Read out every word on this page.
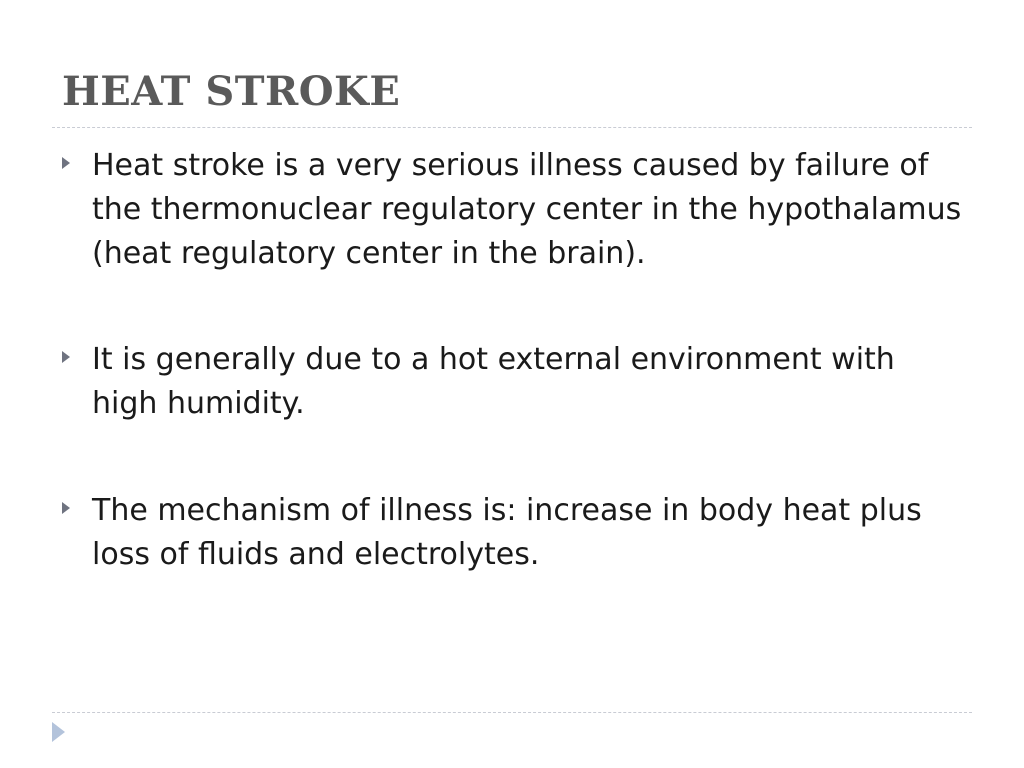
HEAT STROKE
Heat stroke is a very serious illness caused by failure of the thermonuclear regulatory center in the hypothalamus (heat regulatory center in the brain).
It is generally due to a hot external environment with high humidity.
The mechanism of illness is: increase in body heat plus loss of fluids and electrolytes.
